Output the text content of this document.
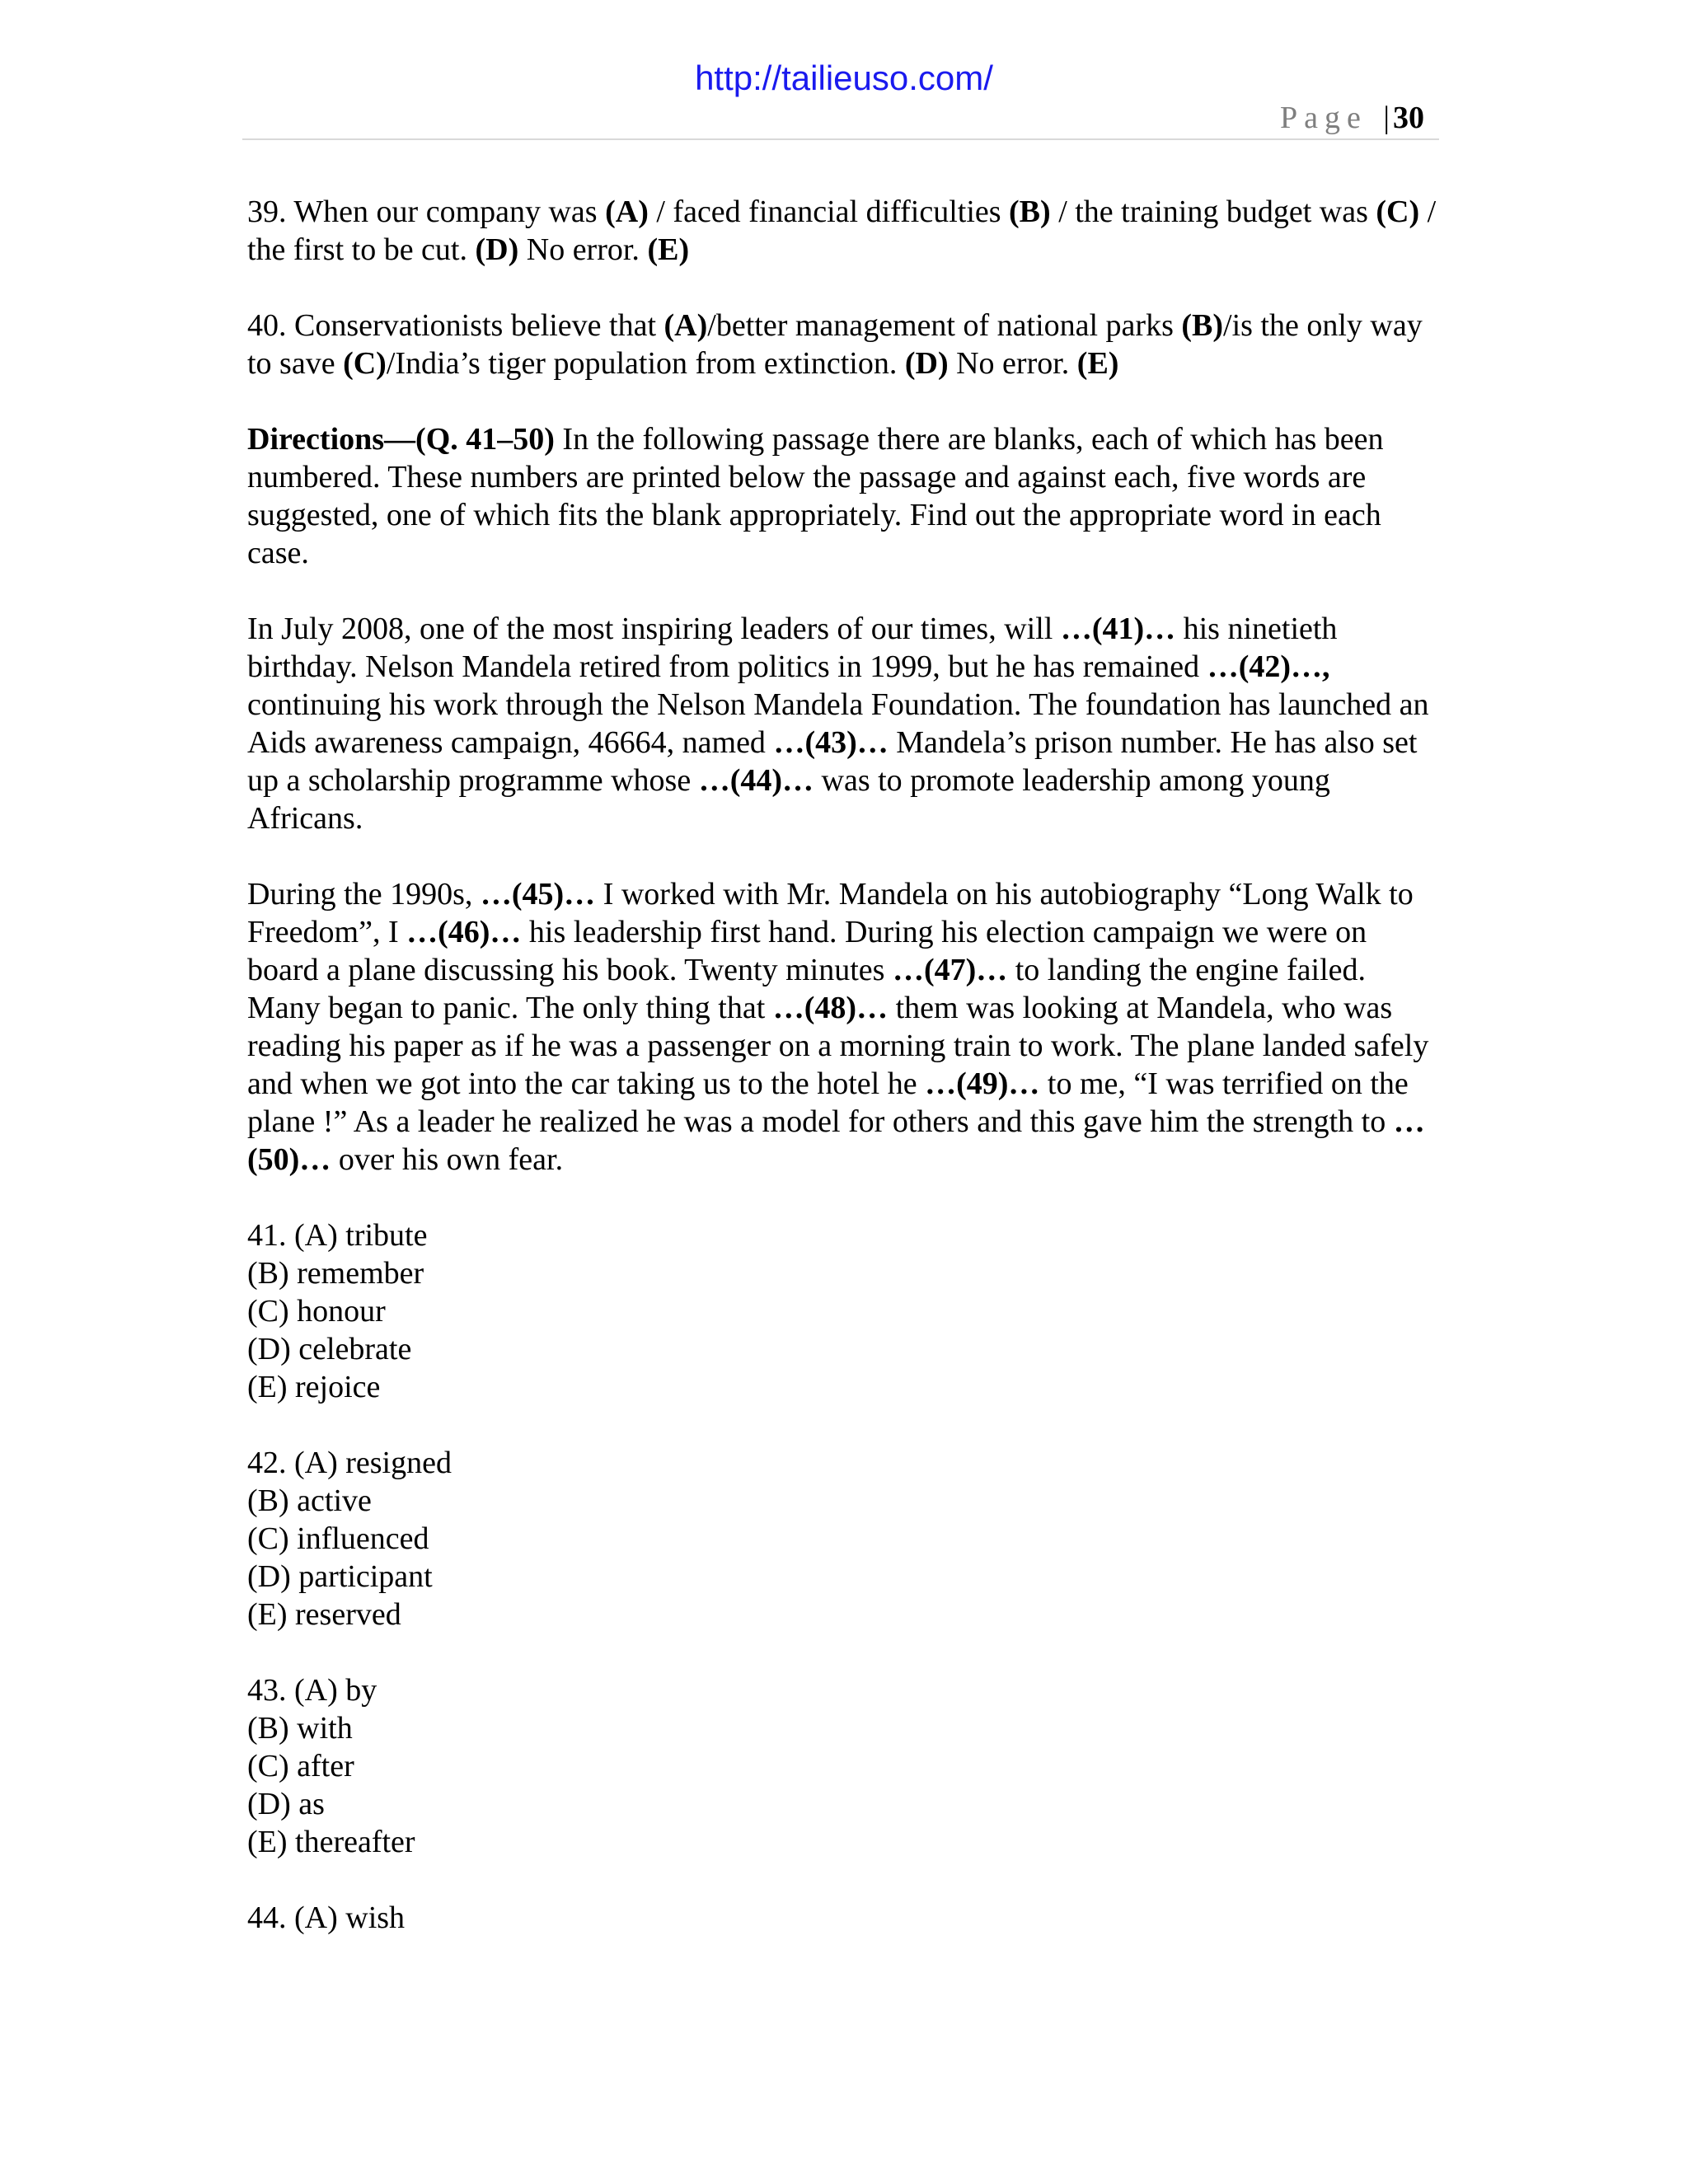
http://tailieuso.com/
Page | 30

39. When our company was (A) / faced financial difficulties (B) / the training budget was (C) / the first to be cut. (D) No error. (E)

40. Conservationists believe that (A)/better management of national parks (B)/is the only way to save (C)/India’s tiger population from extinction. (D) No error. (E)

Directions—(Q. 41–50) In the following passage there are blanks, each of which has been numbered. These numbers are printed below the passage and against each, five words are suggested, one of which fits the blank appropriately. Find out the appropriate word in each case.

In July 2008, one of the most inspiring leaders of our times, will …(41)… his ninetieth birthday. Nelson Mandela retired from politics in 1999, but he has remained …(42)…, continuing his work through the Nelson Mandela Foundation. The foundation has launched an Aids awareness campaign, 46664, named …(43)… Mandela’s prison number. He has also set up a scholarship programme whose …(44)… was to promote leadership among young Africans.

During the 1990s, …(45)… I worked with Mr. Mandela on his autobiography “Long Walk to Freedom”, I …(46)… his leadership first hand. During his election campaign we were on board a plane discussing his book. Twenty minutes …(47)… to landing the engine failed. Many began to panic. The only thing that …(48)… them was looking at Mandela, who was reading his paper as if he was a passenger on a morning train to work. The plane landed safely and when we got into the car taking us to the hotel he …(49)… to me, “I was terrified on the plane !” As a leader he realized he was a model for others and this gave him the strength to …(50)… over his own fear.

41. (A) tribute
(B) remember
(C) honour
(D) celebrate
(E) rejoice
42. (A) resigned
(B) active
(C) influenced
(D) participant
(E) reserved
43. (A) by
(B) with
(C) after
(D) as
(E) thereafter
44. (A) wish
